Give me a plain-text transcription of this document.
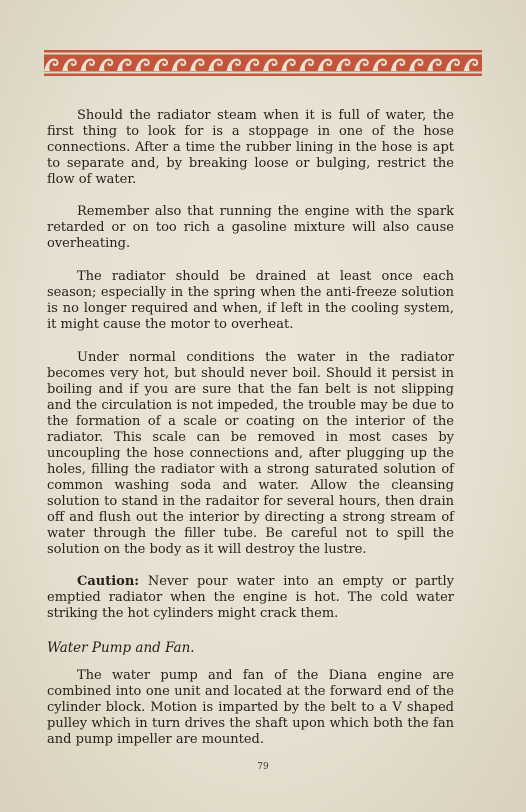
Should the radiator steam when it is full of water, the first thing to look for is a stoppage in one of the hose connections. After a time the rubber lining in the hose is apt to separate and, by breaking loose or bulging, restrict the flow of water.

Remember also that running the engine with the spark retarded or on too rich a gasoline mixture will also cause overheating.

The radiator should be drained at least once each season; especially in the spring when the anti-freeze solution is no longer required and when, if left in the cooling system, it might cause the motor to overheat.

Under normal conditions the water in the radiator becomes very hot, but should never boil. Should it persist in boiling and if you are sure that the fan belt is not slipping and the circulation is not impeded, the trouble may be due to the formation of a scale or coating on the interior of the radiator. This scale can be removed in most cases by uncoupling the hose connections and, after plugging up the holes, filling the radiator with a strong saturated solution of common washing soda and water. Allow the cleansing solution to stand in the radaitor for several hours, then drain off and flush out the interior by directing a strong stream of water through the filler tube. Be careful not to spill the solution on the body as it will destroy the lustre.

Caution: Never pour water into an empty or partly emptied radiator when the engine is hot. The cold water striking the hot cylinders might crack them.

Water Pump and Fan.

The water pump and fan of the Diana engine are combined into one unit and located at the forward end of the cylinder block. Motion is imparted by the belt to a V shaped pulley which in turn drives the shaft upon which both the fan and pump impeller are mounted.

79
